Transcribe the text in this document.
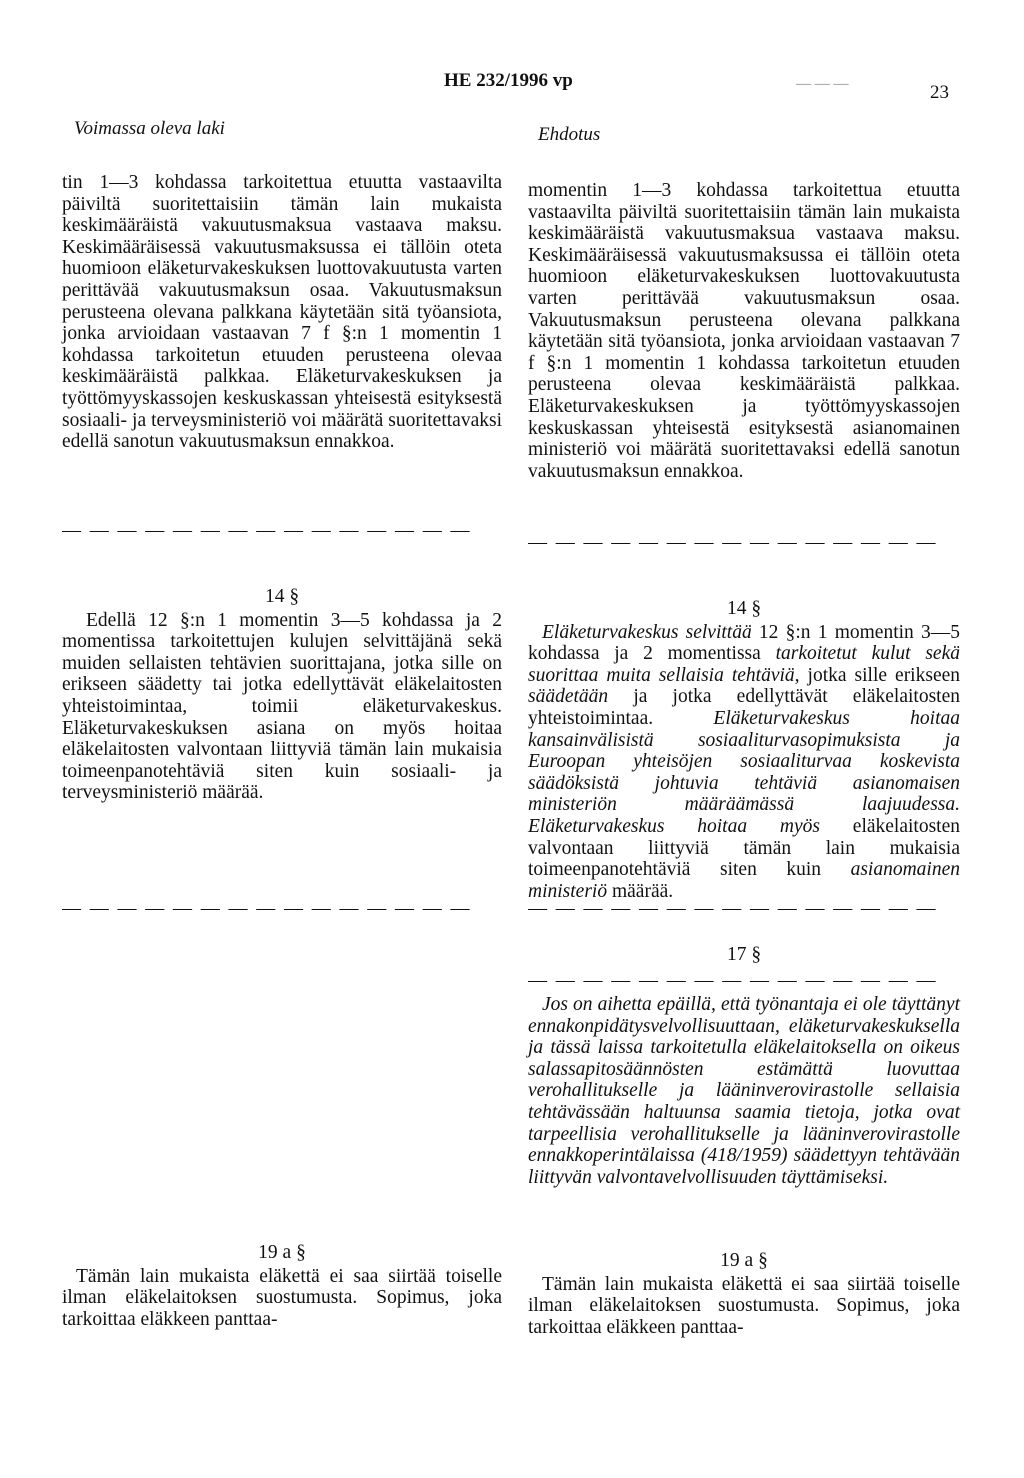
HE 232/1996 vp	— — —	23
Voimassa oleva laki	Ehdotus

tin 1—3 kohdassa tarkoitettua etuutta vastaavilta päiviltä suoritettaisiin tämän lain mukaista keskimääräistä vakuutusmaksua vastaava maksu. Keskimääräisessä vakuutusmaksussa ei tällöin oteta huomioon eläketurvakeskuksen luottovakuutusta varten perittävää vakuutusmaksun osaa. Vakuutusmaksun perusteena olevana palkkana käytetään sitä työansiota, jonka arvioidaan vastaavan 7 f §:n 1 momentin 1 kohdassa tarkoitetun etuuden perusteena olevaa keskimääräistä palkkaa. Eläketurvakeskuksen ja työttömyyskassojen keskuskassan yhteisestä esityksestä sosiaali- ja terveysministeriö voi määrätä suoritettavaksi edellä sanotun vakuutusmaksun ennakkoa.

— — — — — — — — — — — — — — —
14 §

Edellä 12 §:n 1 momentin 3—5 kohdassa ja 2 momentissa tarkoitettujen kulujen selvittäjänä sekä muiden sellaisten tehtävien suorittajana, jotka sille on erikseen säädetty tai jotka edellyttävät eläkelaitosten yhteistoimintaa, toimii eläketurvakeskus. Eläketurvakeskuksen asiana on myös hoitaa eläkelaitosten valvontaan liittyviä tämän lain mukaisia toimeenpanotehtäviä siten kuin sosiaali- ja terveysministeriö määrää.

— — — — — — — — — — — — — — —
19 a §

Tämän lain mukaista eläkettä ei saa siirtää toiselle ilman eläkelaitoksen suostumusta. Sopimus, joka tarkoittaa eläkkeen panttaa-

momentin 1—3 kohdassa tarkoitettua etuutta vastaavilta päiviltä suoritettaisiin tämän lain mukaista keskimääräistä vakuutusmaksua vastaava maksu. Keskimääräisessä vakuutusmaksussa ei tällöin oteta huomioon eläketurvakeskuksen luottovakuutusta varten perittävää vakuutusmaksun osaa. Vakuutusmaksun perusteena olevana palkkana käytetään sitä työansiota, jonka arvioidaan vastaavan 7 f §:n 1 momentin 1 kohdassa tarkoitetun etuuden perusteena olevaa keskimääräistä palkkaa. Eläketurvakeskuksen ja työttömyyskassojen keskuskassan yhteisestä esityksestä asianomainen ministeriö voi määrätä suoritettavaksi edellä sanotun vakuutusmaksun ennakkoa.

— — — — — — — — — — — — — — —
14 §

Eläketurvakeskus selvittää 12 §:n 1 momentin 3—5 kohdassa ja 2 momentissa tarkoitetut kulut sekä suorittaa muita sellaisia tehtäviä, jotka sille erikseen säädetään ja jotka edellyttävät eläkelaitosten yhteistoimintaa. Eläketurvakeskus hoitaa kansainvälisistä sosiaaliturvasopimuksista ja Euroopan yhteisöjen sosiaaliturvaa koskevista säädöksistä johtuvia tehtäviä asianomaisen ministeriön määräämässä laajuudessa. Eläketurvakeskus hoitaa myös eläkelaitosten valvontaan liittyviä tämän lain mukaisia toimeenpanotehtäviä siten kuin asianomainen ministeriö määrää.

— — — — — — — — — — — — — — —
17 §
— — — — — — — — — — — — — — —

Jos on aihetta epäillä, että työnantaja ei ole täyttänyt ennakonpidätysvelvollisuuttaan, eläketurvakeskuksella ja tässä laissa tarkoitetulla eläkelaitoksella on oikeus salassapitosäännösten estämättä luovuttaa verohallitukselle ja lääninverovirastolle sellaisia tehtävässään haltuunsa saamia tietoja, jotka ovat tarpeellisia verohallitukselle ja lääninverovirastolle ennakkoperintälaissa (418/1959) säädettyyn tehtävään liittyvän valvontavelvollisuuden täyttämiseksi.

19 a §

Tämän lain mukaista eläkettä ei saa siirtää toiselle ilman eläkelaitoksen suostumusta. Sopimus, joka tarkoittaa eläkkeen panttaa-
